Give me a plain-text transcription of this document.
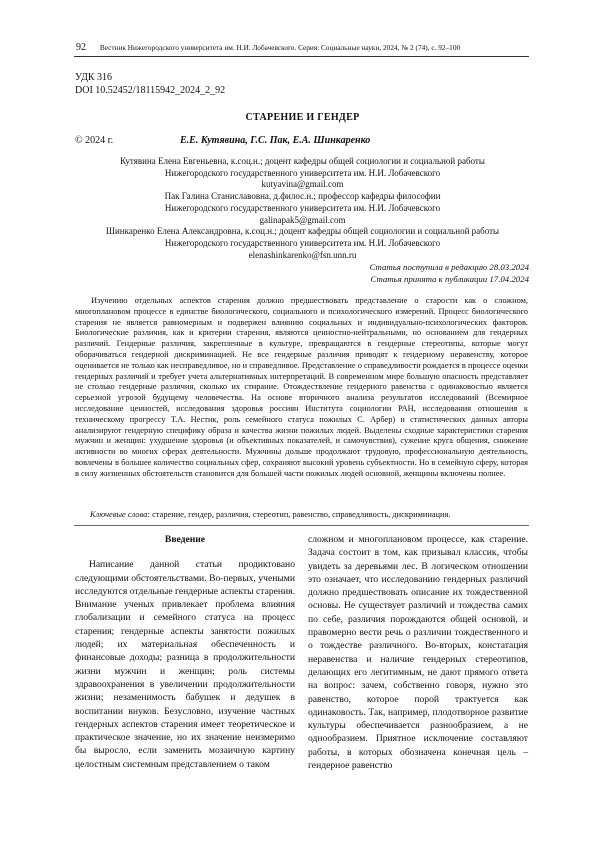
92 Вестник Нижегородского университета им. Н.И. Лобачевского. Серия: Социальные науки, 2024, № 2 (74), с. 92–100
УДК 316
DOI 10.52452/18115942_2024_2_92
СТАРЕНИЕ И ГЕНДЕР
© 2024 г.	Е.Е. Кутявина, Г.С. Пак, Е.А. Шинкаренко
Кутявина Елена Евгеньевна, к.соц.н.; доцент кафедры общей социологии и социальной работы
Нижегородского государственного университета им. Н.И. Лобачевского
kutyavina@gmail.com
Пак Галина Станиславовна, д.филос.н.; профессор кафедры философии
Нижегородского государственного университета им. Н.И. Лобачевского
galinapak5@gmail.com
Шинкаренко Елена Александровна, к.соц.н.; доцент кафедры общей социологии и социальной работы
Нижегородского государственного университета им. Н.И. Лобачевского
elenashinkarenko@fsn.unn.ru
Статья поступила в редакцию 28.03.2024
Статья принята к публикации 17.04.2024
Изучению отдельных аспектов старения должно предшествовать представление о старости как о сложном, многоплановом процессе в единстве биологического, социального и психологического измерений. Процесс биологического старения не является равномерным и подвержен влиянию социальных и индивидуально-психологических факторов. Биологические различия, как и критерии старения, являются ценностно-нейтральными, но основанием для гендерных различий. Гендерные различия, закрепленные в культуре, превращаются в гендерные стереотипы, которые могут оборачиваться гендерной дискриминацией. Не все гендерные различия приводят к гендерному неравенству, которое оценивается не только как несправедливое, но и справедливое. Представление о справедливости рождается в процессе оценки гендерных различий и требует учета альтернативных интерпретаций. В современном мире большую опасность представляет не столько гендерные различия, сколько их стирание. Отождествление гендерного равенства с одинаковостью является серьезной угрозой будущему человечества. На основе вторичного анализа результатов исследований (Всемирное исследование ценностей, исследования здоровья россиян Института социологии РАН, исследования отношения к техническому прогрессу Т.А. Нестик, роль семейного статуса пожилых С. Арбер) и статистических данных авторы анализируют гендерную специфику образа и качества жизни пожилых людей. Выделены сходные характеристики старения мужчин и женщин: ухудшение здоровья (и объективных показателей, и самочувствия), сужение круга общения, снижение активности во многих сферах деятельности. Мужчины дольше продолжают трудовую, профессиональную деятельность, вовлечены в большее количество социальных сфер, сохраняют высокий уровень субъектности. Но в семейную сферу, которая в силу жизненных обстоятельств становится для большей части пожилых людей основной, женщины включены полнее.
Ключевые слова: старение, гендер, различия, стереотип, равенство, справедливость, дискриминация.
Введение

Написание данной статьи продиктовано следующими обстоятельствами. Во-первых, учеными исследуются отдельные гендерные аспекты старения. Внимание ученых привлекает проблема влияния глобализации и семейного статуса на процесс старения; гендерные аспекты занятости пожилых людей; их материальная обеспеченность и финансовые доходы; разница в продолжительности жизни мужчин и женщин; роль системы здравоохранения в увеличении продолжительности жизни; незаменимость бабушек и дедушек в воспитании внуков. Безусловно, изучение частных гендерных аспектов старения имеет теоретическое и практическое значение, но их значение неизмеримо бы выросло, если заменить мозаичную картину целостным системным представлением о таком

сложном и многоплановом процессе, как старение. Задача состоит в том, как призывал классик, чтобы увидеть за деревьями лес. В логическом отношении это означает, что исследованию гендерных различий должно предшествовать описание их тождественной основы. Не существует различий и тождества самих по себе, различия порождаются общей основой, и правомерно вести речь о различии тождественного и о тождестве различного. Во-вторых, констатация неравенства и наличие гендерных стереотипов, делающих его легитимным, не дают прямого ответа на вопрос: зачем, собственно говоря, нужно это равенство, которое порой трактуется как одинаковость. Так, например, плодотворное развитие культуры обеспечивается разнообразием, а не однообразием. Приятное исключение составляют работы, в которых обозначена конечная цель – гендерное равенство
